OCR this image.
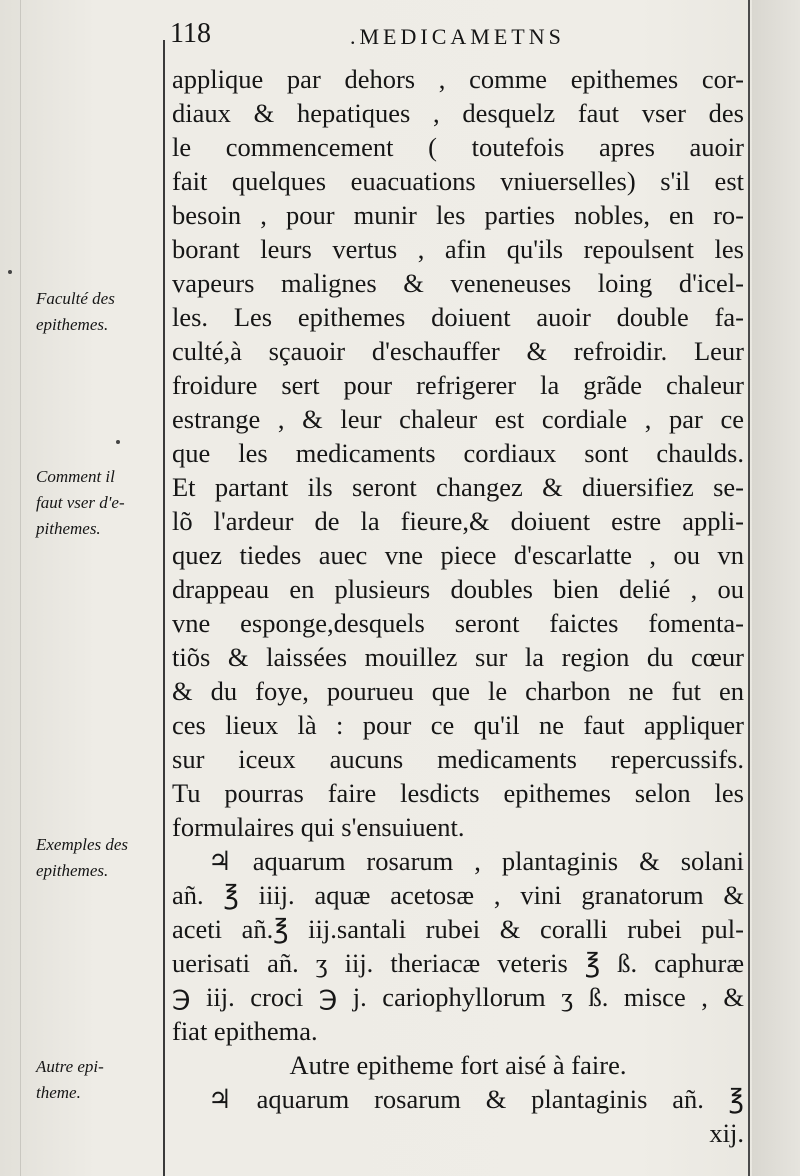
118	.MEDICAMETNS
applique par dehors , comme epithemes cor-
diaux & hepatiques , desquelz faut vser des
le commencement ( toutefois apres auoir
fait quelques euacuations vniuerselles) s'il est
besoin , pour munir les parties nobles, en ro-
borant leurs vertus , afin qu'ils repoulsent les
vapeurs malignes & veneneuses loing d'icel-
les. Les epithemes doiuent auoir double fa-
culté,à sçauoir d'eschauffer & refroidir. Leur
froidure sert pour refrigerer la grãde chaleur
estrange , & leur chaleur est cordiale , par ce
que les medicaments cordiaux sont chaulds.
Et partant ils seront changez & diuersifiez se-
lõ l'ardeur de la fieure,& doiuent estre appli-
quez tiedes auec vne piece d'escarlatte , ou vn
drappeau en plusieurs doubles bien delié , ou
vne esponge,desquels seront faictes fomenta-
tiõs & laissées mouillez sur la region du cœur
& du foye, pourueu que le charbon ne fut en
ces lieux là : pour ce qu'il ne faut appliquer
sur iceux aucuns medicaments repercussifs.
Tu pourras faire lesdicts epithemes selon les
formulaires qui s'ensuiuent.
♃ aquarum rosarum , plantaginis & solani
añ. ℥ iiij. aquæ acetosæ , vini granatorum &
aceti añ.℥ iij.santali rubei & coralli rubei pul-
uerisati añ. ʒ iij. theriacæ veteris ℥ ß. caphuræ
℈ iij. croci ℈ j. cariophyllorum ʒ ß. misce , &
fiat epithema.
Autre epitheme fort aisé à faire.
♃ aquarum rosarum & plantaginis añ. ℥
xij.
Faculté des
epithemes.
Comment il
faut vser d'e-
pithemes.
Exemples des
epithemes.
Autre epi-
theme.
